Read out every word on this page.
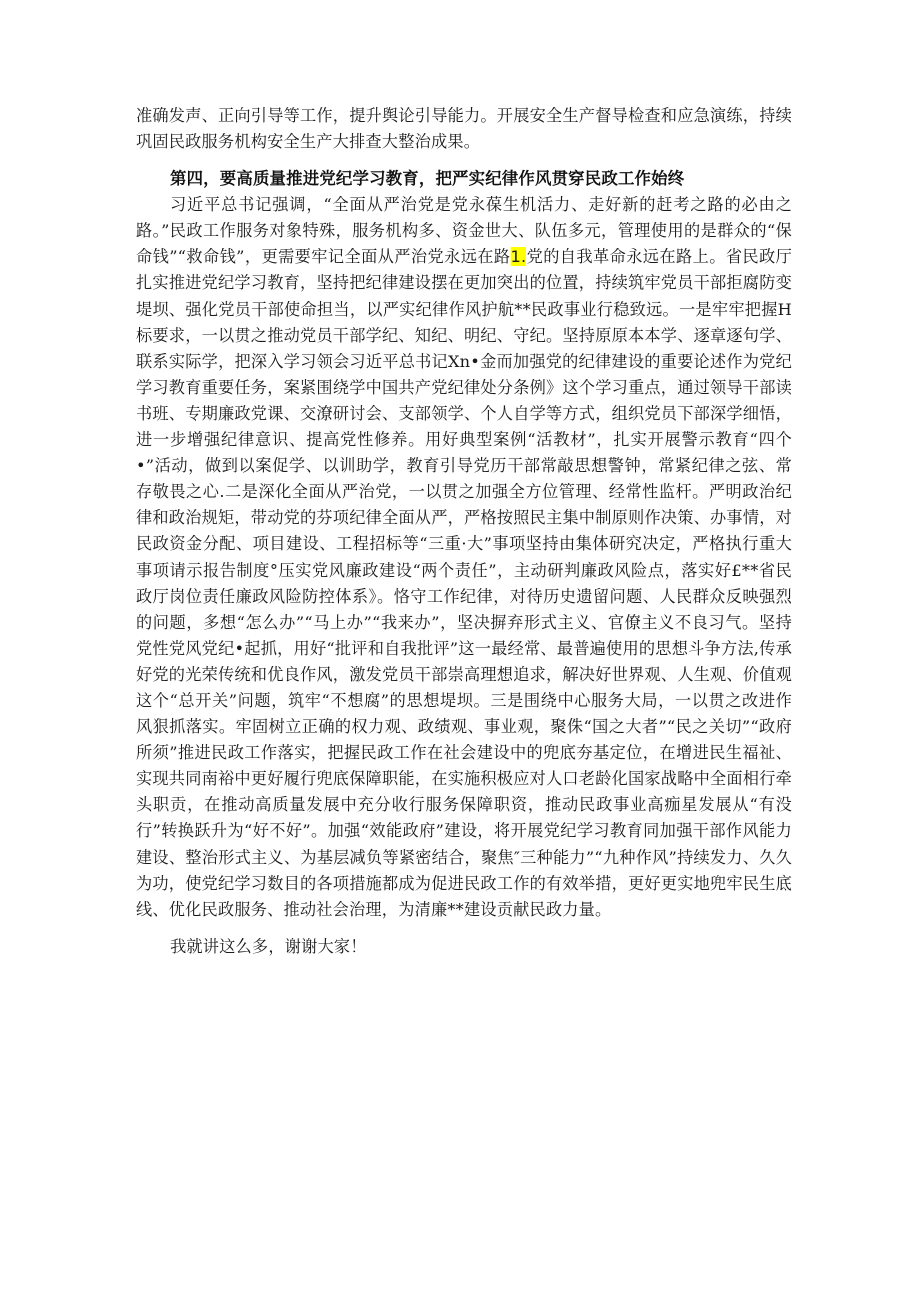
准确发声、正向引导等工作，提升舆论引导能力。开展安全生产督导检查和应急演练，持续巩固民政服务机构安全生产大排查大整治成果。

第四，要高质量推进党纪学习教育，把严实纪律作风贯穿民政工作始终

习近平总书记强调，“全面从严治党是党永葆生机活力、走好新的赶考之路的必由之路。”民政工作服务对象特殊，服务机构多、资金世大、队伍多元，管理使用的是群众的“保命钱”“救命钱”，更需要牢记全面从严治党永远在路1.党的自我革命永远在路上。省民政厅扎实推进党纪学习教育，坚持把纪律建设摆在更加突出的位置，持续筑牢党员干部拒腐防变堤坝、强化党员干部使命担当，以严实纪律作风护航**民政事业行稳致远。一是牢牢把握H标要求，一以贯之推动党员干部学纪、知纪、明纪、守纪。坚持原原本本学、逐章逐句学、联系实际学，把深入学习领会习近平总书记Xn•金而加强党的纪律建设的重要论述作为党纪学习教育重要任务，案紧围绕学中国共产党纪律处分条例》这个学习重点，通过领导干部读书班、专期廉政党课、交潦研讨会、支部领学、个人自学等方式，组织党员下部深学细悟，进一步增强纪律意识、提高党性修养。用好典型案例“活教材”，扎实开展警示教育“四个•”活动，做到以案促学、以训助学，教育引导党历干部常敲思想警钟，常紧纪律之弦、常存敬畏之心.二是深化全面从严治党，一以贯之加强全方位管理、经常性监杆。严明政治纪律和政治规矩，带动党的芬项纪律全面从严，严格按照民主集中制原则作决策、办事情，对民政资金分配、项目建设、工程招标等“三重·大”事项坚持由集体研究决定，严格执行重大事项请示报告制度°压实党风廉政建设“两个责任”，主动研判廉政风险点，落实好£**省民政厅岗位责任廉政风险防控体系》。恪守工作纪律，对待历史遗留问题、人民群众反映强烈的问题，多想“怎么办”“马上办”“我来办”，坚决摒弃形式主义、官僚主义不良习气。坚持党性党风党纪•起抓，用好“批评和自我批评”这一最经常、最普遍使用的思想斗争方法,传承好党的光荣传统和优良作风，激发党员干部崇高理想追求，解决好世界观、人生观、价值观这个“总开关”问题，筑牢“不想腐”的思想堤坝。三是围绕中心服务大局，一以贯之改进作风狠抓落实。牢固树立正确的权力观、政绩观、事业观，聚侏“国之大者”“民之关切”“政府所须”推进民政工作落实，把握民政工作在社会建设中的兜底夯基定位，在增进民生福祉、实现共同南裕中更好履行兜底保障职能，在实施积极应对人口老龄化国家战略中全面相行牵头职贡，在推动高质量发展中充分收行服务保障职资，推动民政事业高痂星发展从“有没行”转换跃升为“好不好”。加强“效能政府”建设，将开展党纪学习教育同加强干部作风能力建设、整治形式主义、为基层减负等紧密结合，聚焦″三种能力”“九种作风”持续发力、久久为功，使党纪学习数目的各项措施都成为促进民政工作的有效举措，更好更实地兜牢民生底线、优化民政服务、推动社会治理，为清廉**建设贡献民政力量。

我就讲这么多，谢谢大家！
